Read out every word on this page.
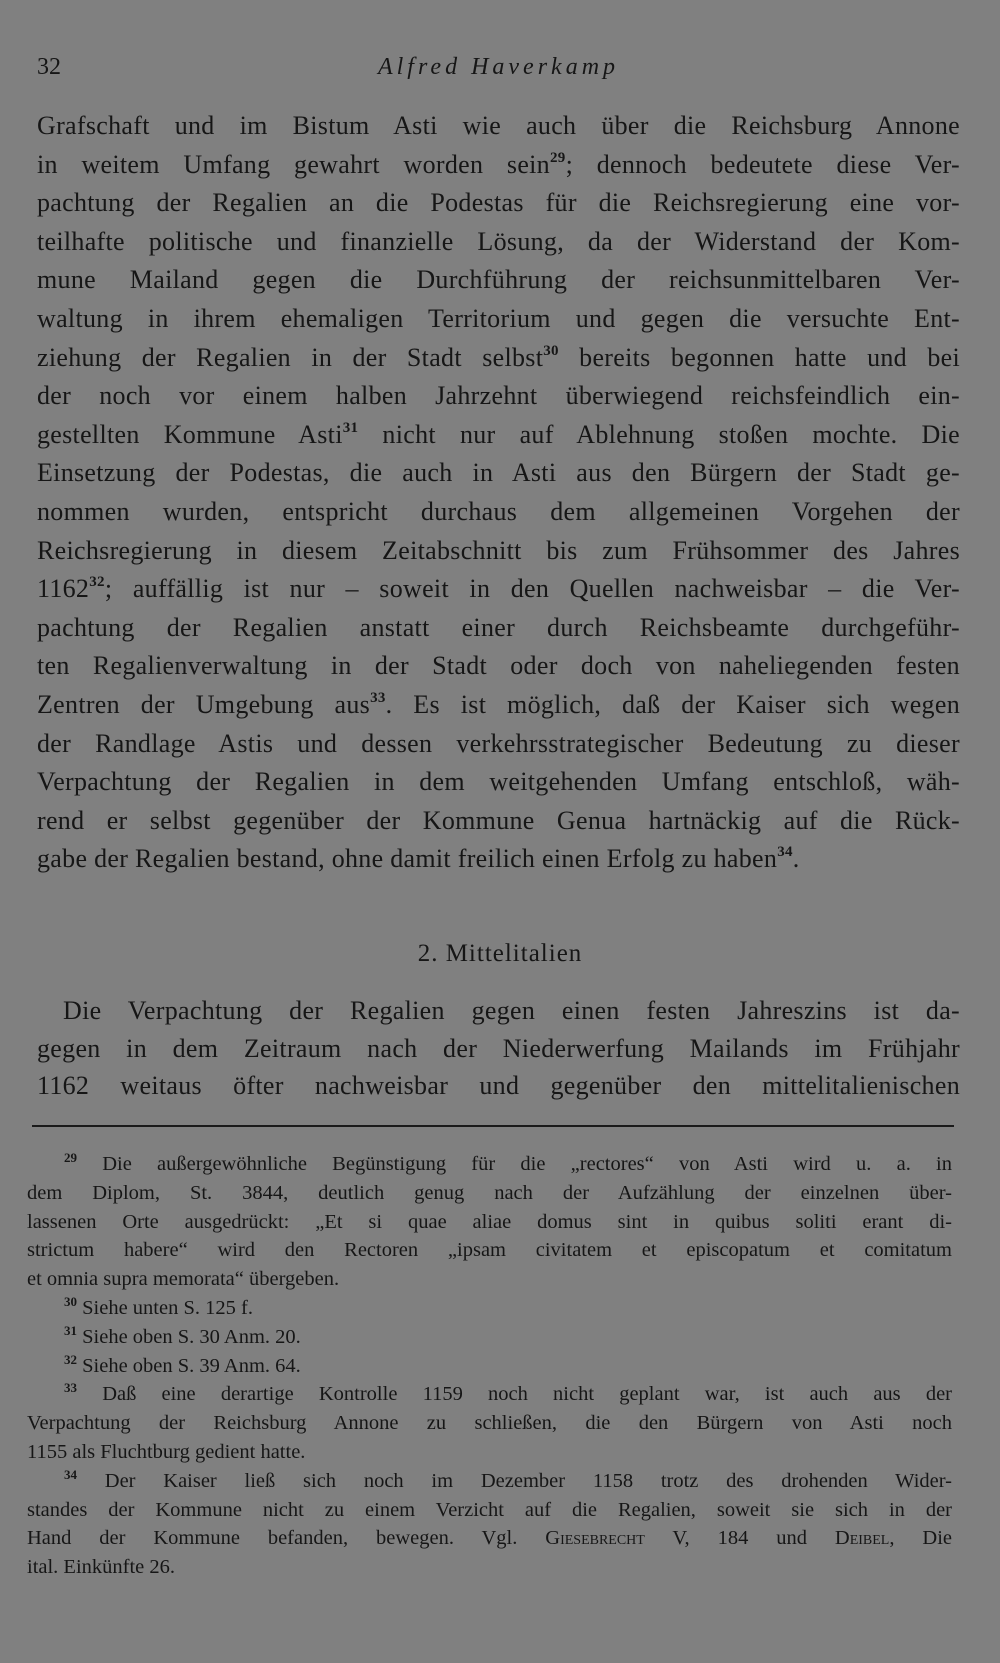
32	Alfred Haverkamp
Grafschaft und im Bistum Asti wie auch über die Reichsburg Annone
in weitem Umfang gewahrt worden sein$^{29}$; dennoch bedeutete diese Ver-
pachtung der Regalien an die Podestas für die Reichsregierung eine vor-
teilhafte politische und finanzielle Lösung, da der Widerstand der Kom-
mune Mailand gegen die Durchführung der reichsunmittelbaren Ver-
waltung in ihrem ehemaligen Territorium und gegen die versuchte Ent-
ziehung der Regalien in der Stadt selbst$^{30}$ bereits begonnen hatte und bei
der noch vor einem halben Jahrzehnt überwiegend reichsfeindlich ein-
gestellten Kommune Asti$^{31}$ nicht nur auf Ablehnung stoßen mochte. Die
Einsetzung der Podestas, die auch in Asti aus den Bürgern der Stadt ge-
nommen wurden, entspricht durchaus dem allgemeinen Vorgehen der
Reichsregierung in diesem Zeitabschnitt bis zum Frühsommer des Jahres
1162$^{32}$; auffällig ist nur – soweit in den Quellen nachweisbar – die Ver-
pachtung der Regalien anstatt einer durch Reichsbeamte durchgeführ-
ten Regalienverwaltung in der Stadt oder doch von naheliegenden festen
Zentren der Umgebung aus$^{33}$. Es ist möglich, daß der Kaiser sich wegen
der Randlage Astis und dessen verkehrsstrategischer Bedeutung zu dieser
Verpachtung der Regalien in dem weitgehenden Umfang entschloß, wäh-
rend er selbst gegenüber der Kommune Genua hartnäckig auf die Rück-
gabe der Regalien bestand, ohne damit freilich einen Erfolg zu haben$^{34}$.
2. Mittelitalien
Die Verpachtung der Regalien gegen einen festen Jahreszins ist da-
gegen in dem Zeitraum nach der Niederwerfung Mailands im Frühjahr
1162 weitaus öfter nachweisbar und gegenüber den mittelitalienischen
$^{29}$ Die außergewöhnliche Begünstigung für die „rectores“ von Asti wird u. a. in
dem Diplom, St. 3844, deutlich genug nach der Aufzählung der einzelnen über-
lassenen Orte ausgedrückt: „Et si quae aliae domus sint in quibus soliti erant di-
strictum habere“ wird den Rectoren „ipsam civitatem et episcopatum et comitatum
et omnia supra memorata“ übergeben.
$^{30}$ Siehe unten S. 125 f.
$^{31}$ Siehe oben S. 30 Anm. 20.
$^{32}$ Siehe oben S. 39 Anm. 64.
$^{33}$ Daß eine derartige Kontrolle 1159 noch nicht geplant war, ist auch aus der
Verpachtung der Reichsburg Annone zu schließen, die den Bürgern von Asti noch
1155 als Fluchtburg gedient hatte.
$^{34}$ Der Kaiser ließ sich noch im Dezember 1158 trotz des drohenden Wider-
standes der Kommune nicht zu einem Verzicht auf die Regalien, soweit sie sich in der
Hand der Kommune befanden, bewegen. Vgl. Giesebrecht V, 184 und Deibel, Die
ital. Einkünfte 26.
